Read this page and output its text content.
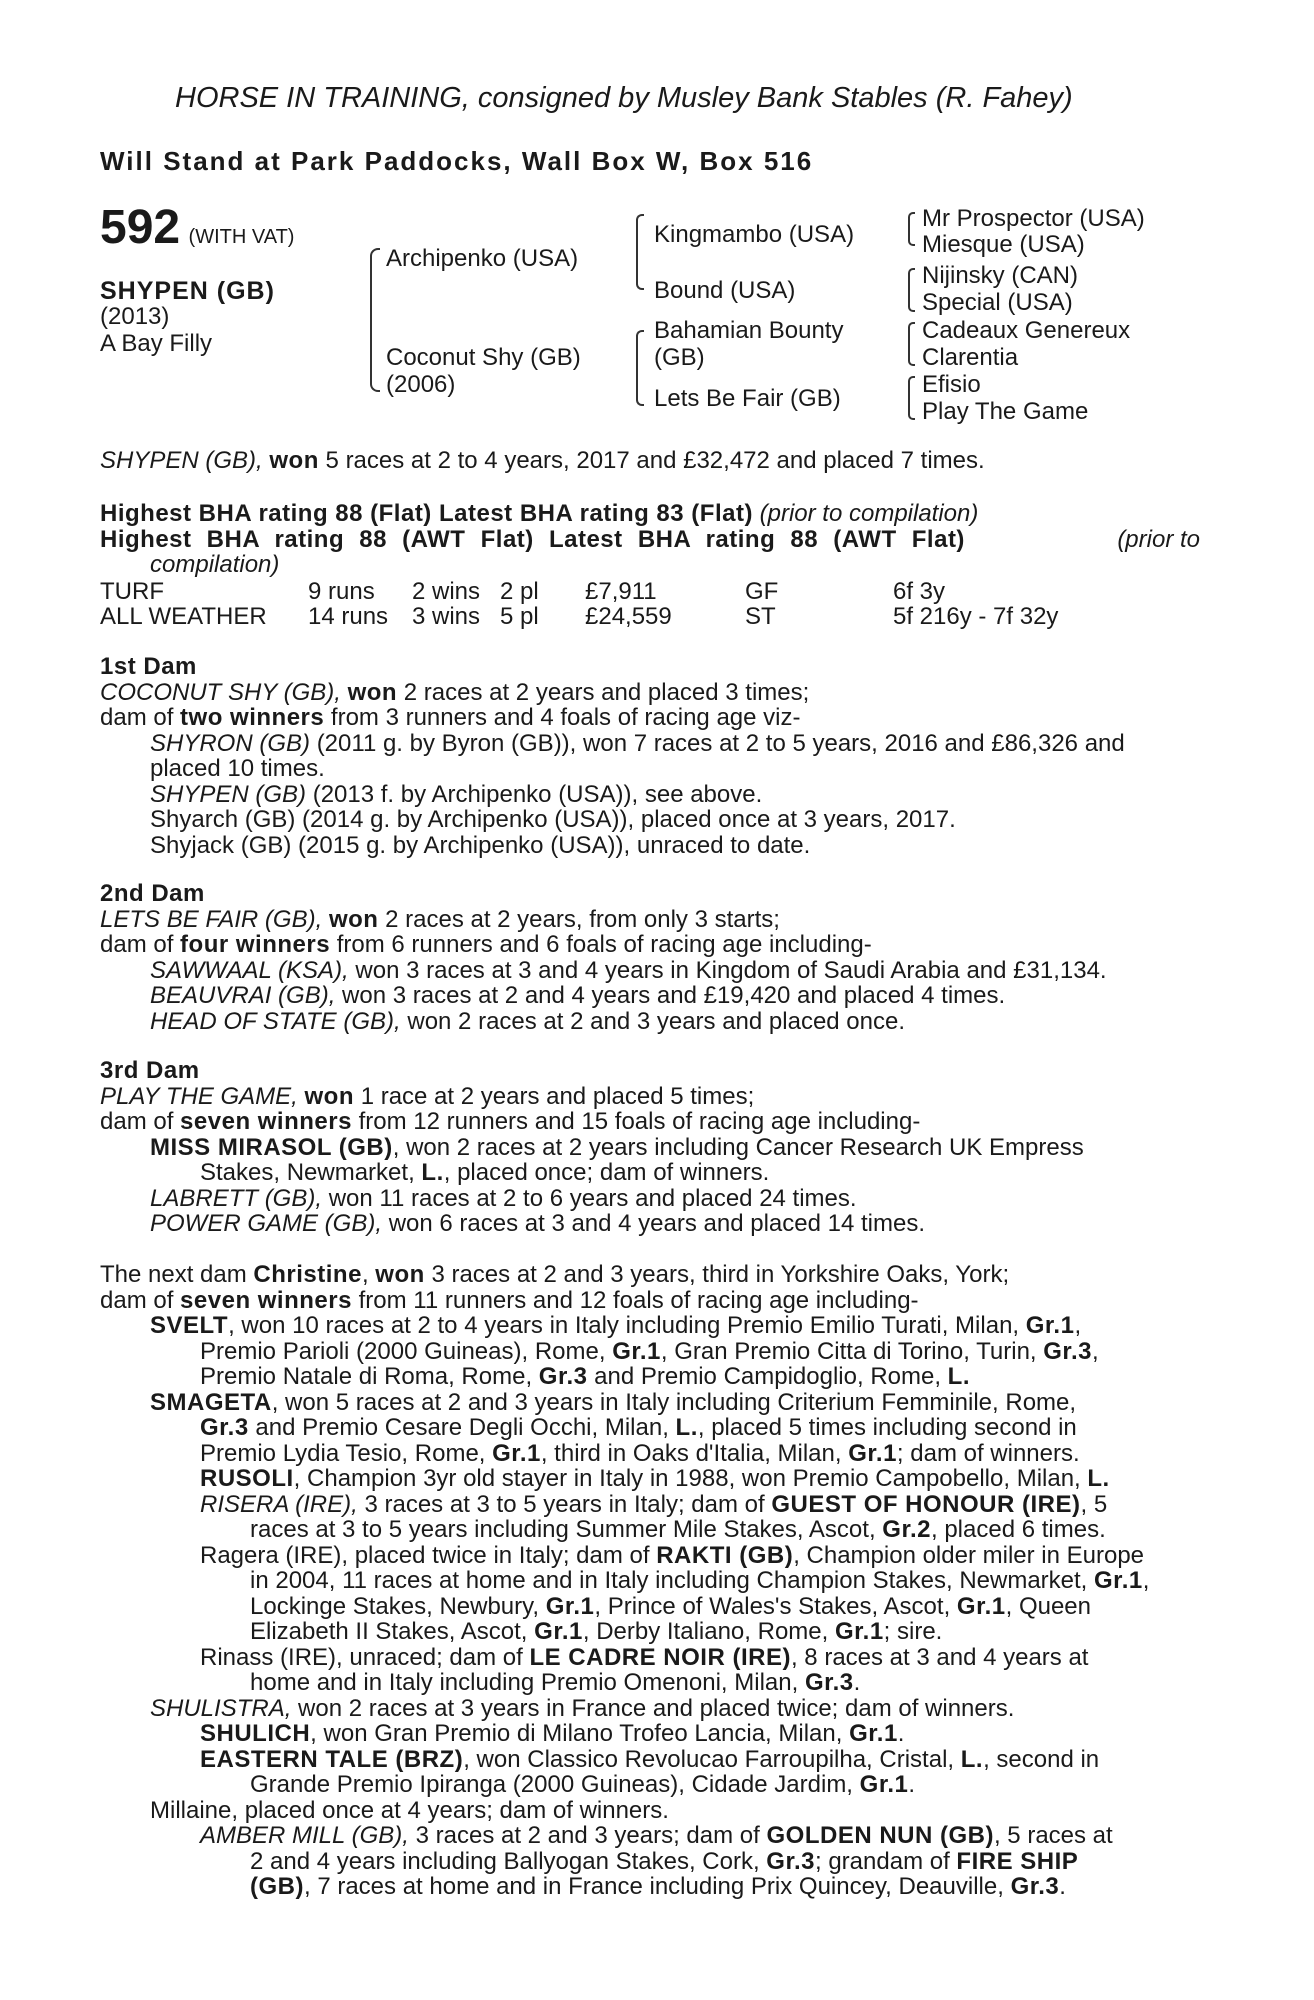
HORSE IN TRAINING, consigned by Musley Bank Stables (R. Fahey)
Will Stand at Park Paddocks, Wall Box W, Box 516
592 (WITH VAT)
SHYPEN (GB)
(2013)
A Bay Filly
Archipenko (USA)
Coconut Shy (GB)
(2006)
Kingmambo (USA)
Bound (USA)
Bahamian Bounty
(GB)
Lets Be Fair (GB)
Mr Prospector (USA)
Miesque (USA)
Nijinsky (CAN)
Special (USA)
Cadeaux Genereux
Clarentia
Efisio
Play The Game
SHYPEN (GB), won 5 races at 2 to 4 years, 2017 and £32,472 and placed 7 times.
Highest BHA rating 88 (Flat) Latest BHA rating 83 (Flat) (prior to compilation)
Highest BHA rating 88 (AWT Flat) Latest BHA rating 88 (AWT Flat)	(prior to
compilation)
TURF	9 runs 2 wins 2 pl £7,911	GF	6f 3y
ALL WEATHER 14 runs 3 wins 5 pl £24,559	ST	5f 216y - 7f 32y
1st Dam
COCONUT SHY (GB), won 2 races at 2 years and placed 3 times;
dam of two winners from 3 runners and 4 foals of racing age viz-
SHYRON (GB) (2011 g. by Byron (GB)), won 7 races at 2 to 5 years, 2016 and £86,326 and
placed 10 times.
SHYPEN (GB) (2013 f. by Archipenko (USA)), see above.
Shyarch (GB) (2014 g. by Archipenko (USA)), placed once at 3 years, 2017.
Shyjack (GB) (2015 g. by Archipenko (USA)), unraced to date.
2nd Dam
LETS BE FAIR (GB), won 2 races at 2 years, from only 3 starts;
dam of four winners from 6 runners and 6 foals of racing age including-
SAWWAAL (KSA), won 3 races at 3 and 4 years in Kingdom of Saudi Arabia and £31,134.
BEAUVRAI (GB), won 3 races at 2 and 4 years and £19,420 and placed 4 times.
HEAD OF STATE (GB), won 2 races at 2 and 3 years and placed once.
3rd Dam
PLAY THE GAME, won 1 race at 2 years and placed 5 times;
dam of seven winners from 12 runners and 15 foals of racing age including-
MISS MIRASOL (GB), won 2 races at 2 years including Cancer Research UK Empress
Stakes, Newmarket, L., placed once; dam of winners.
LABRETT (GB), won 11 races at 2 to 6 years and placed 24 times.
POWER GAME (GB), won 6 races at 3 and 4 years and placed 14 times.
The next dam Christine, won 3 races at 2 and 3 years, third in Yorkshire Oaks, York;
dam of seven winners from 11 runners and 12 foals of racing age including-
SVELT, won 10 races at 2 to 4 years in Italy including Premio Emilio Turati, Milan, Gr.1,
Premio Parioli (2000 Guineas), Rome, Gr.1, Gran Premio Citta di Torino, Turin, Gr.3,
Premio Natale di Roma, Rome, Gr.3 and Premio Campidoglio, Rome, L.
SMAGETA, won 5 races at 2 and 3 years in Italy including Criterium Femminile, Rome,
Gr.3 and Premio Cesare Degli Occhi, Milan, L., placed 5 times including second in
Premio Lydia Tesio, Rome, Gr.1, third in Oaks d'Italia, Milan, Gr.1; dam of winners.
RUSOLI, Champion 3yr old stayer in Italy in 1988, won Premio Campobello, Milan, L.
RISERA (IRE), 3 races at 3 to 5 years in Italy; dam of GUEST OF HONOUR (IRE), 5
races at 3 to 5 years including Summer Mile Stakes, Ascot, Gr.2, placed 6 times.
Ragera (IRE), placed twice in Italy; dam of RAKTI (GB), Champion older miler in Europe
in 2004, 11 races at home and in Italy including Champion Stakes, Newmarket, Gr.1,
Lockinge Stakes, Newbury, Gr.1, Prince of Wales's Stakes, Ascot, Gr.1, Queen
Elizabeth II Stakes, Ascot, Gr.1, Derby Italiano, Rome, Gr.1; sire.
Rinass (IRE), unraced; dam of LE CADRE NOIR (IRE), 8 races at 3 and 4 years at
home and in Italy including Premio Omenoni, Milan, Gr.3.
SHULISTRA, won 2 races at 3 years in France and placed twice; dam of winners.
SHULICH, won Gran Premio di Milano Trofeo Lancia, Milan, Gr.1.
EASTERN TALE (BRZ), won Classico Revolucao Farroupilha, Cristal, L., second in
Grande Premio Ipiranga (2000 Guineas), Cidade Jardim, Gr.1.
Millaine, placed once at 4 years; dam of winners.
AMBER MILL (GB), 3 races at 2 and 3 years; dam of GOLDEN NUN (GB), 5 races at
2 and 4 years including Ballyogan Stakes, Cork, Gr.3; grandam of FIRE SHIP
(GB), 7 races at home and in France including Prix Quincey, Deauville, Gr.3.
